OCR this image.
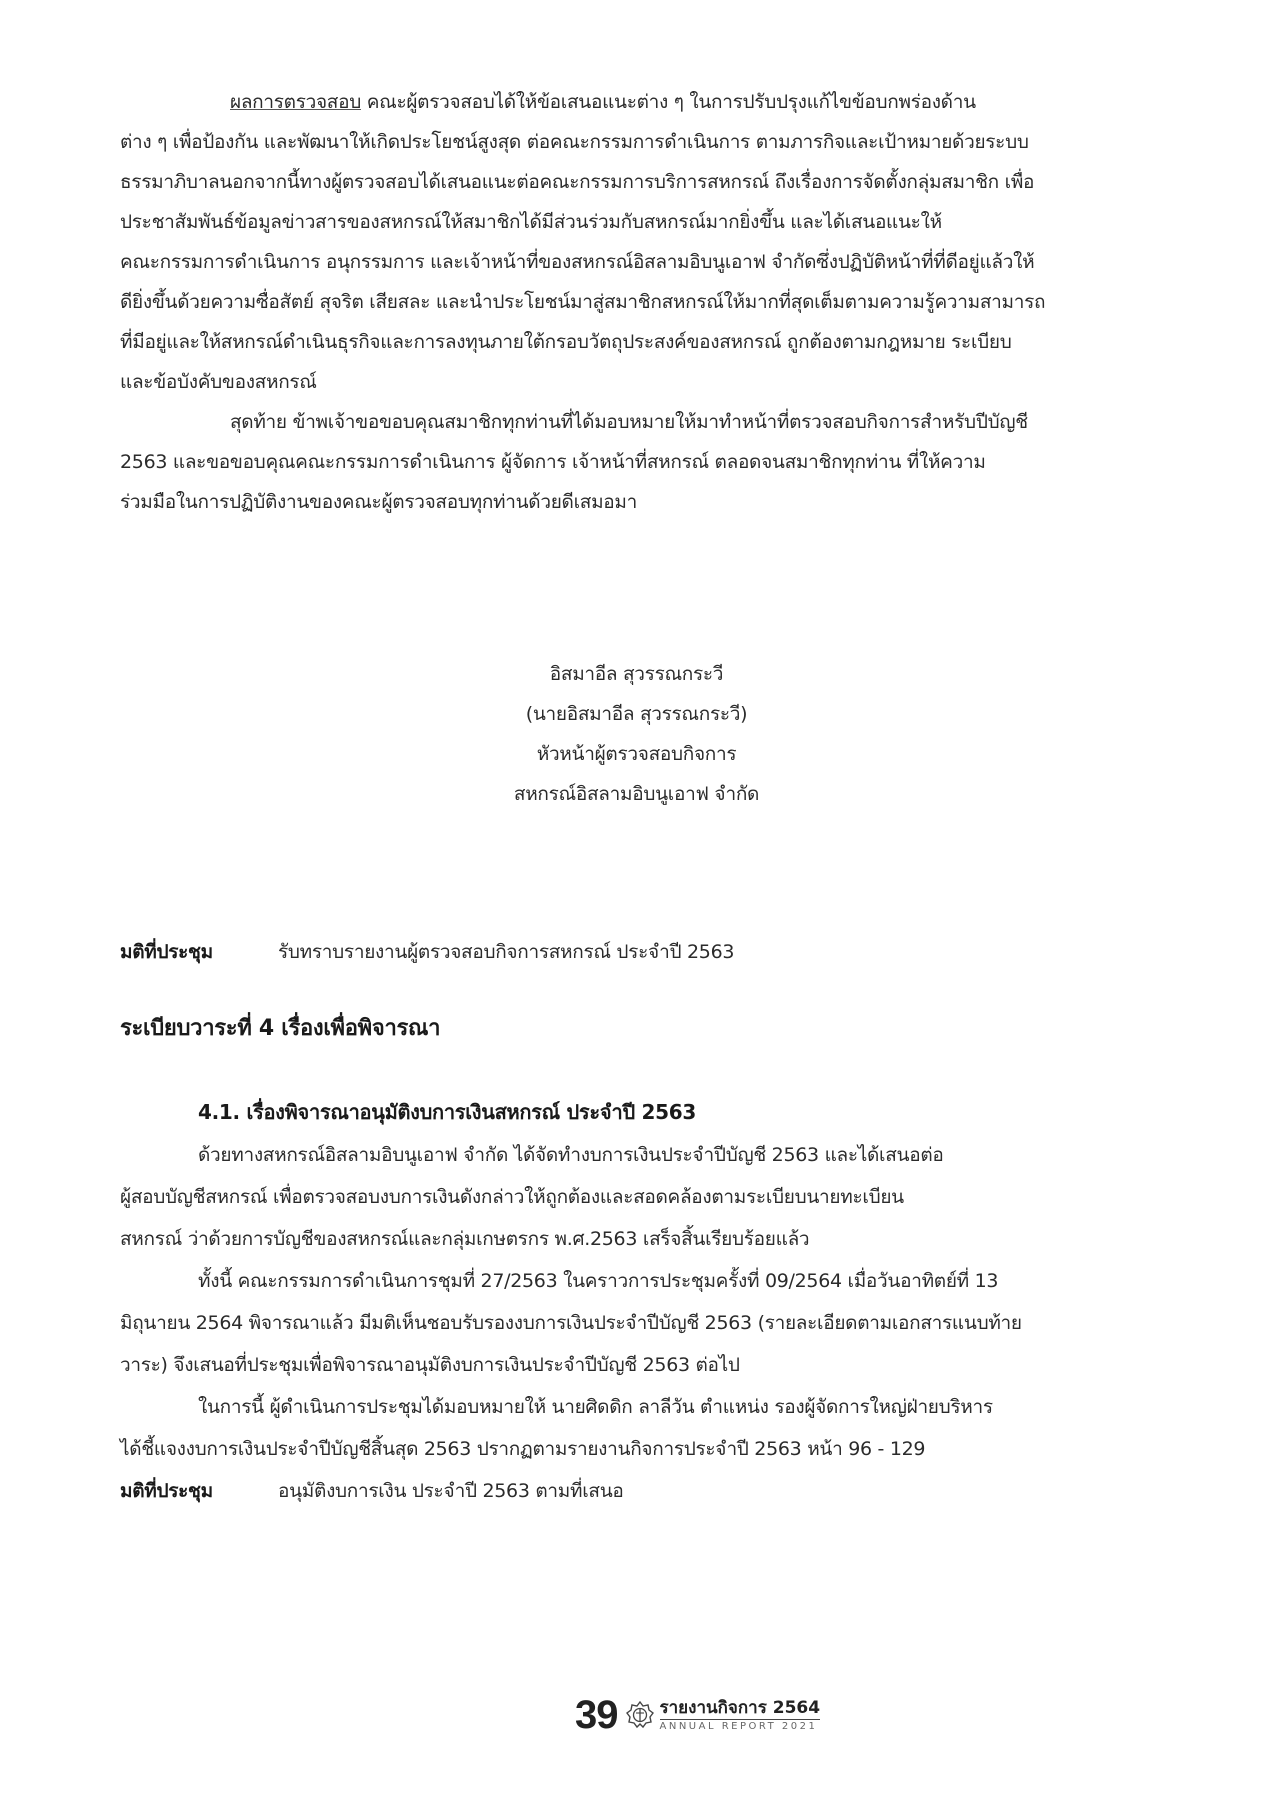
ผลการตรวจสอบ คณะผู้ตรวจสอบได้ให้ข้อเสนอแนะต่าง ๆ ในการปรับปรุงแก้ไขข้อบกพร่องด้าน
ต่าง ๆ เพื่อป้องกัน และพัฒนาให้เกิดประโยชน์สูงสุด ต่อคณะกรรมการดำเนินการ ตามภารกิจและเป้าหมายด้วยระบบ
ธรรมาภิบาลนอกจากนี้ทางผู้ตรวจสอบได้เสนอแนะต่อคณะกรรมการบริการสหกรณ์ ถึงเรื่องการจัดตั้งกลุ่มสมาชิก เพื่อ
ประชาสัมพันธ์ข้อมูลข่าวสารของสหกรณ์ให้สมาชิกได้มีส่วนร่วมกับสหกรณ์มากยิ่งขึ้น และได้เสนอแนะให้
คณะกรรมการดำเนินการ อนุกรรมการ และเจ้าหน้าที่ของสหกรณ์อิสลามอิบนูเอาฟ จำกัดซึ่งปฏิบัติหน้าที่ที่ดีอยู่แล้วให้
ดียิ่งขึ้นด้วยความซื่อสัตย์ สุจริต เสียสละ และนำประโยชน์มาสู่สมาชิกสหกรณ์ให้มากที่สุดเต็มตามความรู้ความสามารถ
ที่มีอยู่และให้สหกรณ์ดำเนินธุรกิจและการลงทุนภายใต้กรอบวัตถุประสงค์ของสหกรณ์ ถูกต้องตามกฎหมาย ระเบียบ
และข้อบังคับของสหกรณ์
สุดท้าย ข้าพเจ้าขอขอบคุณสมาชิกทุกท่านที่ได้มอบหมายให้มาทำหน้าที่ตรวจสอบกิจการสำหรับปีบัญชี
2563 และขอขอบคุณคณะกรรมการดำเนินการ ผู้จัดการ เจ้าหน้าที่สหกรณ์ ตลอดจนสมาชิกทุกท่าน ที่ให้ความ
ร่วมมือในการปฏิบัติงานของคณะผู้ตรวจสอบทุกท่านด้วยดีเสมอมา
อิสมาอีล สุวรรณกระวี
(นายอิสมาอีล สุวรรณกระวี)
หัวหน้าผู้ตรวจสอบกิจการ
สหกรณ์อิสลามอิบนูเอาฟ จำกัด
มติที่ประชุม	รับทราบรายงานผู้ตรวจสอบกิจการสหกรณ์ ประจำปี 2563
ระเบียบวาระที่ 4 เรื่องเพื่อพิจารณา
4.1. เรื่องพิจารณาอนุมัติงบการเงินสหกรณ์ ประจำปี 2563
ด้วยทางสหกรณ์อิสลามอิบนูเอาฟ จำกัด ได้จัดทำงบการเงินประจำปีบัญชี 2563 และได้เสนอต่อ
ผู้สอบบัญชีสหกรณ์ เพื่อตรวจสอบงบการเงินดังกล่าวให้ถูกต้องและสอดคล้องตามระเบียบนายทะเบียน
สหกรณ์ ว่าด้วยการบัญชีของสหกรณ์และกลุ่มเกษตรกร พ.ศ.2563 เสร็จสิ้นเรียบร้อยแล้ว
ทั้งนี้ คณะกรรมการดำเนินการชุมที่ 27/2563 ในคราวการประชุมครั้งที่ 09/2564 เมื่อวันอาทิตย์ที่ 13
มิถุนายน 2564 พิจารณาแล้ว มีมติเห็นชอบรับรองงบการเงินประจำปีบัญชี 2563 (รายละเอียดตามเอกสารแนบท้าย
วาระ) จึงเสนอที่ประชุมเพื่อพิจารณาอนุมัติงบการเงินประจำปีบัญชี 2563 ต่อไป
ในการนี้ ผู้ดำเนินการประชุมได้มอบหมายให้ นายศิดดิก ลาลีวัน ตำแหน่ง รองผู้จัดการใหญ่ฝ่ายบริหาร
ได้ชี้แจงงบการเงินประจำปีบัญชีสิ้นสุด 2563 ปรากฏตามรายงานกิจการประจำปี 2563 หน้า 96 - 129
มติที่ประชุม	อนุมัติงบการเงิน ประจำปี 2563 ตามที่เสนอ
39 รายงานกิจการ 2564
ANNUAL REPORT 2021
